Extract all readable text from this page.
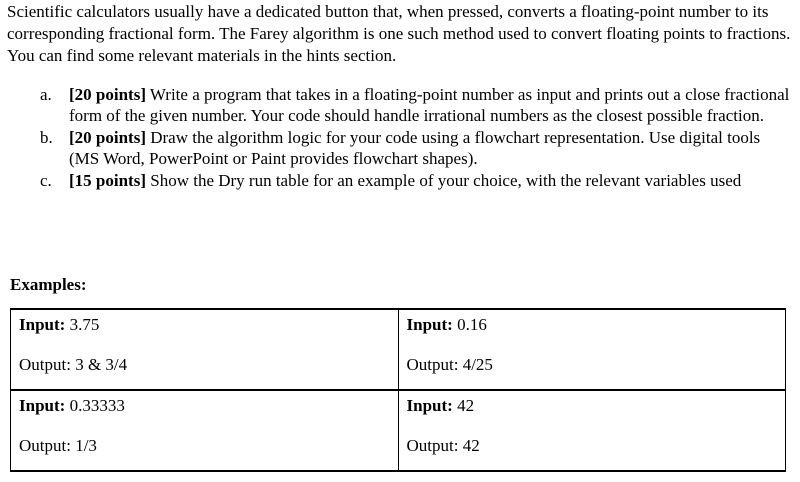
Scientific calculators usually have a dedicated button that, when pressed, converts a floating-point number to its corresponding fractional form. The Farey algorithm is one such method used to convert floating points to fractions. You can find some relevant materials in the hints section.

a. [20 points] Write a program that takes in a floating-point number as input and prints out a close fractional form of the given number. Your code should handle irrational numbers as the closest possible fraction.
b. [20 points] Draw the algorithm logic for your code using a flowchart representation. Use digital tools (MS Word, PowerPoint or Paint provides flowchart shapes).
c. [15 points] Show the Dry run table for an example of your choice, with the relevant variables used

Examples:

Input: 3.75	Input: 0.16
Output: 3 & 3/4	Output: 4/25
Input: 0.33333	Input: 42
Output: 1/3	Output: 42
